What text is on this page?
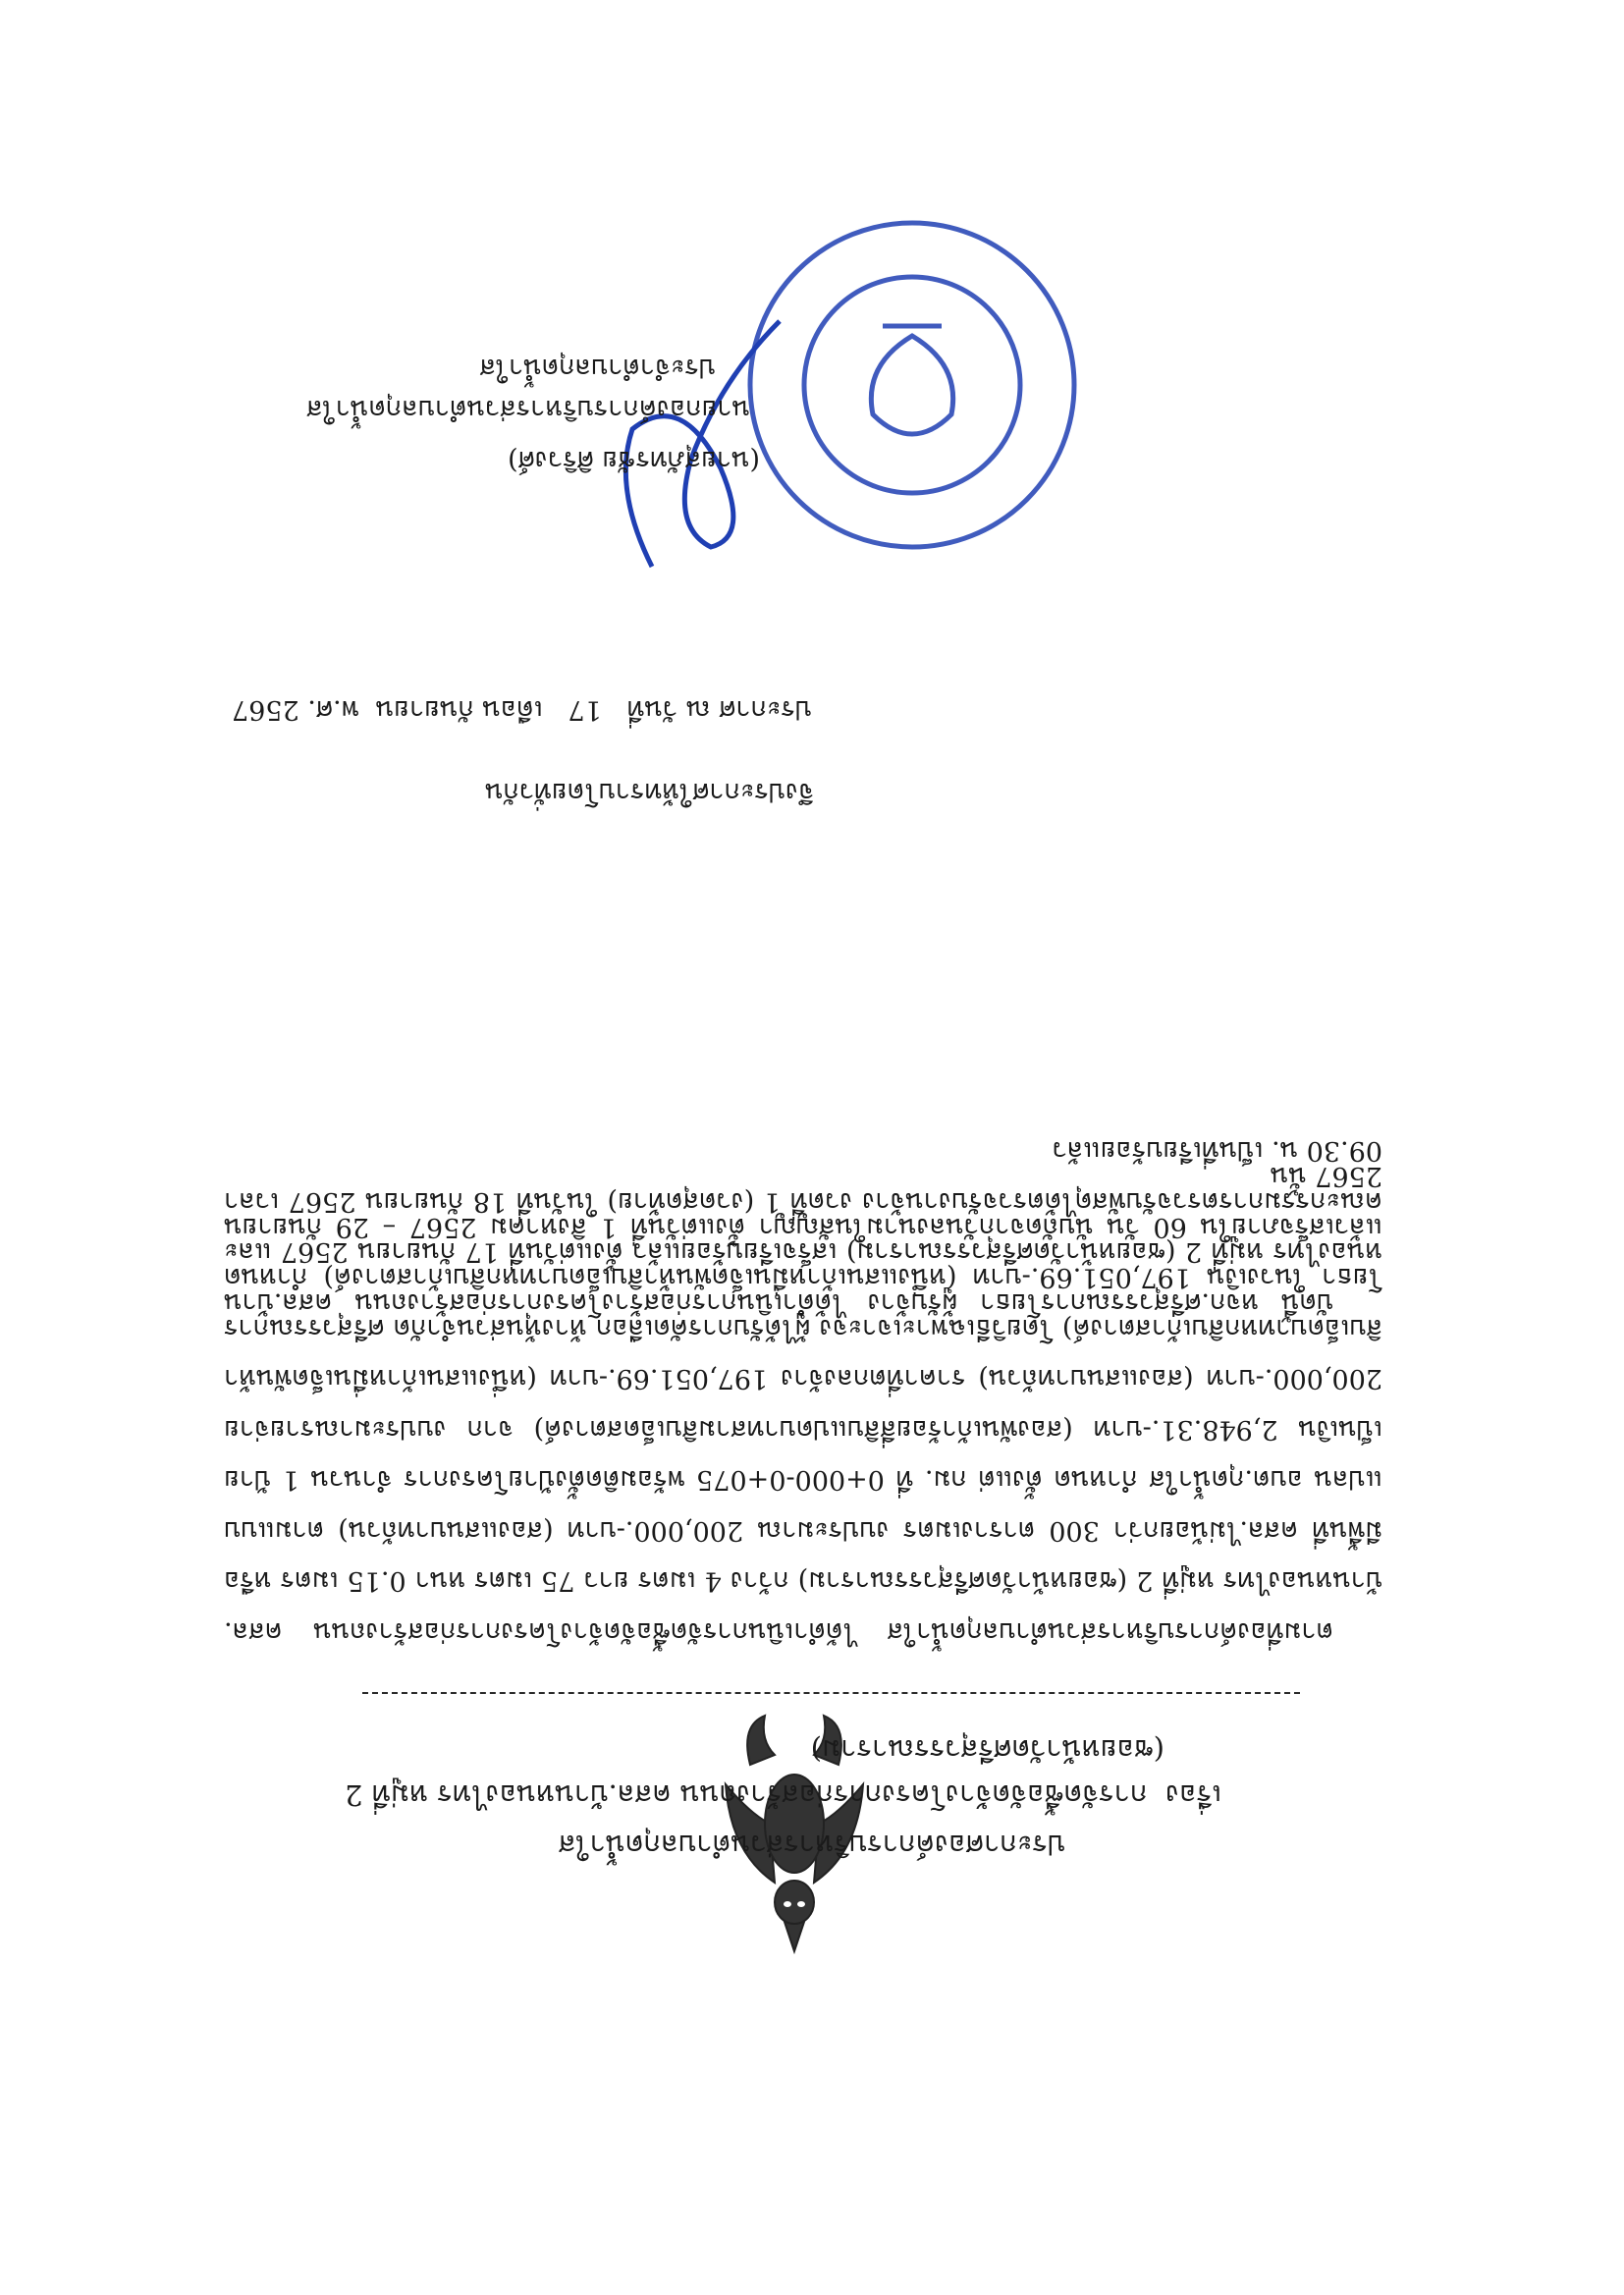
ประกาศองค์การบริหารส่วนตำบลกุดน้ำใส
เรื่อง  การจัดซื้อจัดจ้างโครงการก่อสร้างถนน คสล.บ้านหนองไทร หมู่ที่ 2
(ซอยหน้าวัดศรีสุวรรณาราม)

ตามที่องค์การบริหารส่วนตำบลกุดน้ำใส ได้ดำเนินการจัดซื้อจัดจ้างโครงการก่อสร้างถนน คสล. บ้านหนองไทร หมู่ที่ 2 (ซอยหน้าวัดศรีสุวรรณาราม) กว้าง 4 เมตร ยาว 75 เมตร หนา 0.15 เมตร หรือมีพื้นที่ คสล.ไม่น้อยกว่า 300 ตารางเมตร งบประมาณ 200,000.-บาท (สองแสนบาทถ้วน) ตามแบบแปลน อบต.กุดน้ำใส กำหนด ตั้งแต่ กม. ที่ 0+000-0+075 พร้อมติดตั้งป้ายโครงการ จำนวน 1 ป้าย เป็นเงิน 2,948.31.-บาท (สองพันเก้าร้อยสี่สิบแปดบาทสามสิบเอ็ดสตางค์) จาก งบประมาณรายจ่าย 200,000.-บาท (สองแสนบาทถ้วน) ราคาที่ตกลงจ้าง 197,051.69.-บาท (หนึ่งแสนเก้าหมื่นเจ็ดพันห้าสิบเอ็ดบาทหกสิบเก้าสตางค์) โดยวิธีเฉพาะเจาะจง ผู้ได้รับการคัดเลือก ห้างหุ้นส่วนจำกัด ศรีสุวรรณการโยธา ในวงเงิน 197,051.69.-บาท (หนึ่งแสนเก้าหมื่นเจ็ดพันห้าสิบเอ็ดบาทหกสิบเก้าสตางค์) กำหนดแล้วเสร็จภายใน 60 วัน นับถัดจากวันลงนามในสัญญา ตั้งแต่วันที่ 1 สิงหาคม 2567 – 29 กันยายน 2567 นั้น

บัดนี้ หจก.ศรีสุวรรณการโยธา ผู้รับจ้าง ได้ดำเนินการก่อสร้างโครงการก่อสร้างถนน คสล.บ้านหนองไทร หมู่ที่ 2 (ซอยหน้าวัดศรีสุวรรณาราม) เสร็จเรียบร้อยแล้ว ตั้งแต่วันที่ 17 กันยายน 2567 และคณะกรรมการตรวจรับพัสดุได้ตรวจรับงานจ้าง งวดที่ 1 (งวดสุดท้าย) ในวันที่ 18 กันยายน 2567 เวลา 09.30 น. เป็นที่เรียบร้อยแล้ว

จึงประกาศให้ทราบโดยทั่วกัน
ประกาศ ณ วันที่   17   เดือน กันยายน  พ.ศ. 2567
(นายสุภัทรชัย ศิริวงศ์)
นายกองค์การบริหารส่วนตำบลกุดน้ำใส
ประจำตำบลกุดน้ำใส
